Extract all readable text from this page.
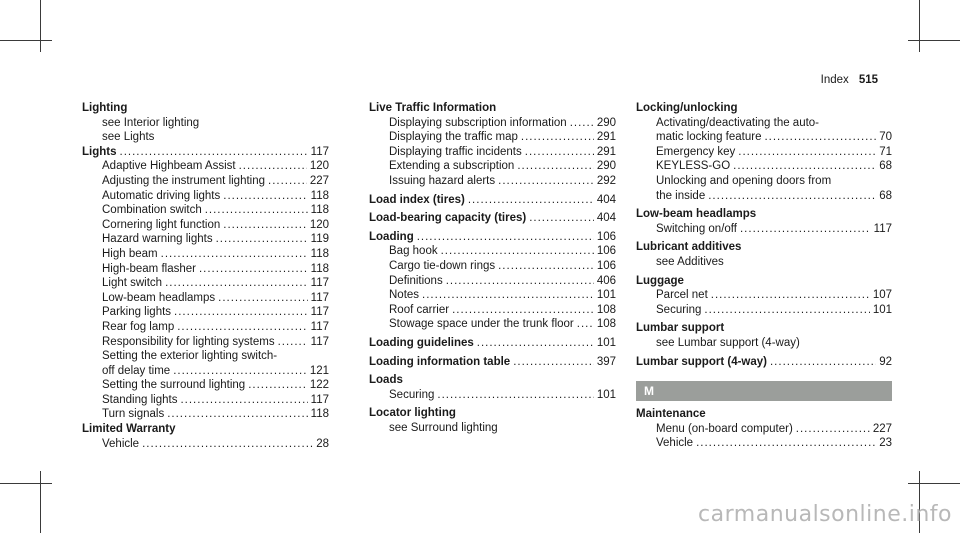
Index 515
Lighting
see Interior lighting
see Lights
Lights .....	117
Adaptive Highbeam Assist .....	120
Adjusting the instrument lighting .....	227
Automatic driving lights .....	118
Combination switch .....	118
Cornering light function .....	120
Hazard warning lights .....	119
High beam .....	118
High-beam flasher .....	118
Light switch .....	117
Low-beam headlamps .....	117
Parking lights .....	117
Rear fog lamp .....	117
Responsibility for lighting systems .....	117
Setting the exterior lighting switch-
off delay time .....	121
Setting the surround lighting .....	122
Standing lights .....	117
Turn signals .....	118
Limited Warranty
Vehicle .....	28
Live Traffic Information
Displaying subscription information .....	290
Displaying the traffic map .....	291
Displaying traffic incidents .....	291
Extending a subscription .....	290
Issuing hazard alerts .....	292
Load index (tires) .....	404
Load-bearing capacity (tires) .....	404
Loading .....	106
Bag hook .....	106
Cargo tie-down rings .....	106
Definitions .....	406
Notes .....	101
Roof carrier .....	108
Stowage space under the trunk floor ..... 108
Loading guidelines .....	101
Loading information table .....	397
Loads
Securing .....	101
Locator lighting
see Surround lighting
Locking/unlocking
Activating/deactivating the auto-
matic locking feature .....	70
Emergency key .....	71
KEYLESS-GO .....	68
Unlocking and opening doors from
the inside .....	68
Low-beam headlamps
Switching on/off .....	117
Lubricant additives
see Additives
Luggage
Parcel net .....	107
Securing .....	101
Lumbar support
see Lumbar support (4-way)
Lumbar support (4-way) .....	92
M
Maintenance
Menu (on-board computer) .....	227
Vehicle .....	23
carmanualsonline.info
